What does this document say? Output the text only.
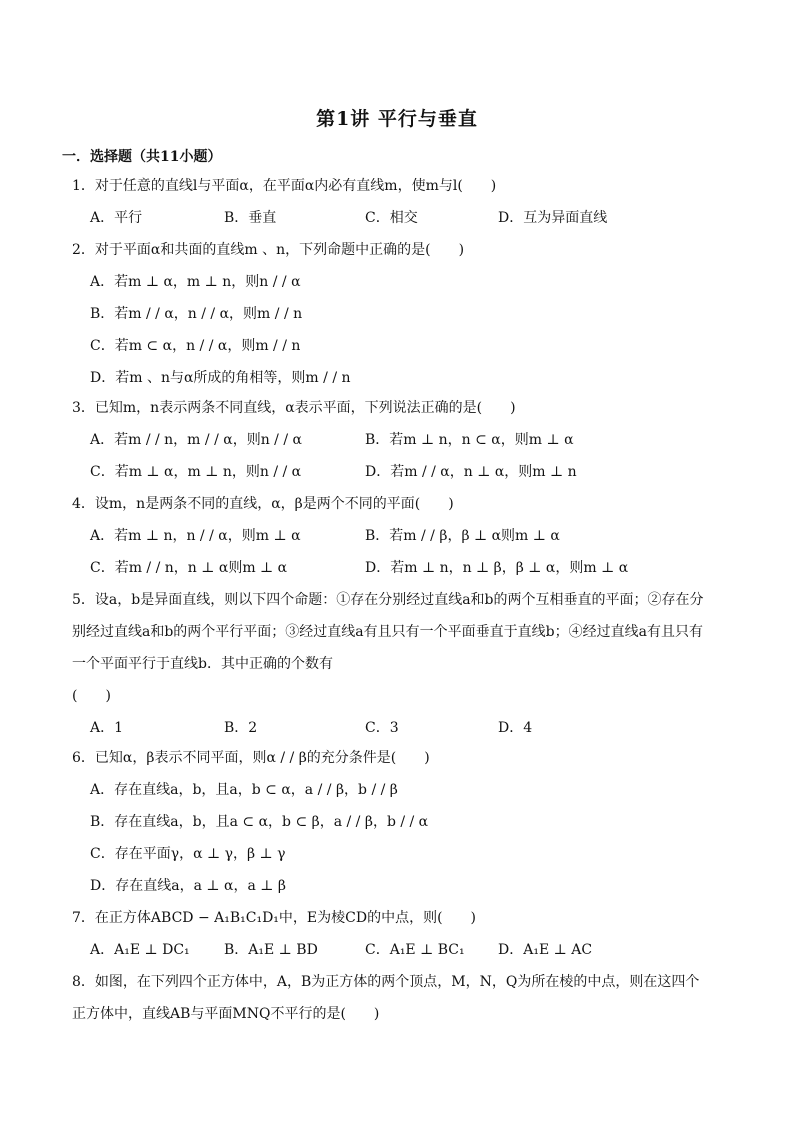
第1讲 平行与垂直
一．选择题（共11小题）
1．对于任意的直线l与平面α，在平面α内必有直线m，使m与l(　　)
A．平行	B．垂直	C．相交	D．互为异面直线
2．对于平面α和共面的直线m 、n，下列命题中正确的是(　　)
A．若m ⊥ α，m ⊥ n，则n / / α
B．若m / / α，n / / α，则m / / n
C．若m ⊂ α，n / / α，则m / / n
D．若m 、n与α所成的角相等，则m / / n
3．已知m，n表示两条不同直线，α表示平面，下列说法正确的是(　　)
A．若m / / n，m / / α，则n / / α	B．若m ⊥ n，n ⊂ α，则m ⊥ α
C．若m ⊥ α，m ⊥ n，则n / / α	D．若m / / α，n ⊥ α，则m ⊥ n
4．设m，n是两条不同的直线，α，β是两个不同的平面(　　)
A．若m ⊥ n，n / / α，则m ⊥ α	B．若m / / β，β ⊥ α则m ⊥ α
C．若m / / n，n ⊥ α则m ⊥ α	D．若m ⊥ n，n ⊥ β，β ⊥ α，则m ⊥ α
5．设a，b是异面直线，则以下四个命题：①存在分别经过直线a和b的两个互相垂直的平面；②存在分
别经过直线a和b的两个平行平面；③经过直线a有且只有一个平面垂直于直线b；④经过直线a有且只有
一个平面平行于直线b．其中正确的个数有
(　　)
A．1	B．2	C．3	D．4
6．已知α，β表示不同平面，则α / / β的充分条件是(　　)
A．存在直线a，b，且a，b ⊂ α，a / / β，b / / β
B．存在直线a，b，且a ⊂ α，b ⊂ β，a / / β，b / / α
C．存在平面γ，α ⊥ γ，β ⊥ γ
D．存在直线a，a ⊥ α，a ⊥ β
7．在正方体ABCD − A₁B₁C₁D₁中，E为棱CD的中点，则(　　)
A．A₁E ⊥ DC₁ B．A₁E ⊥ BD	C．A₁E ⊥ BC₁ D．A₁E ⊥ AC
8．如图，在下列四个正方体中，A，B为正方体的两个顶点，M，N，Q为所在棱的中点，则在这四个
正方体中，直线AB与平面MNQ不平行的是(　　)
